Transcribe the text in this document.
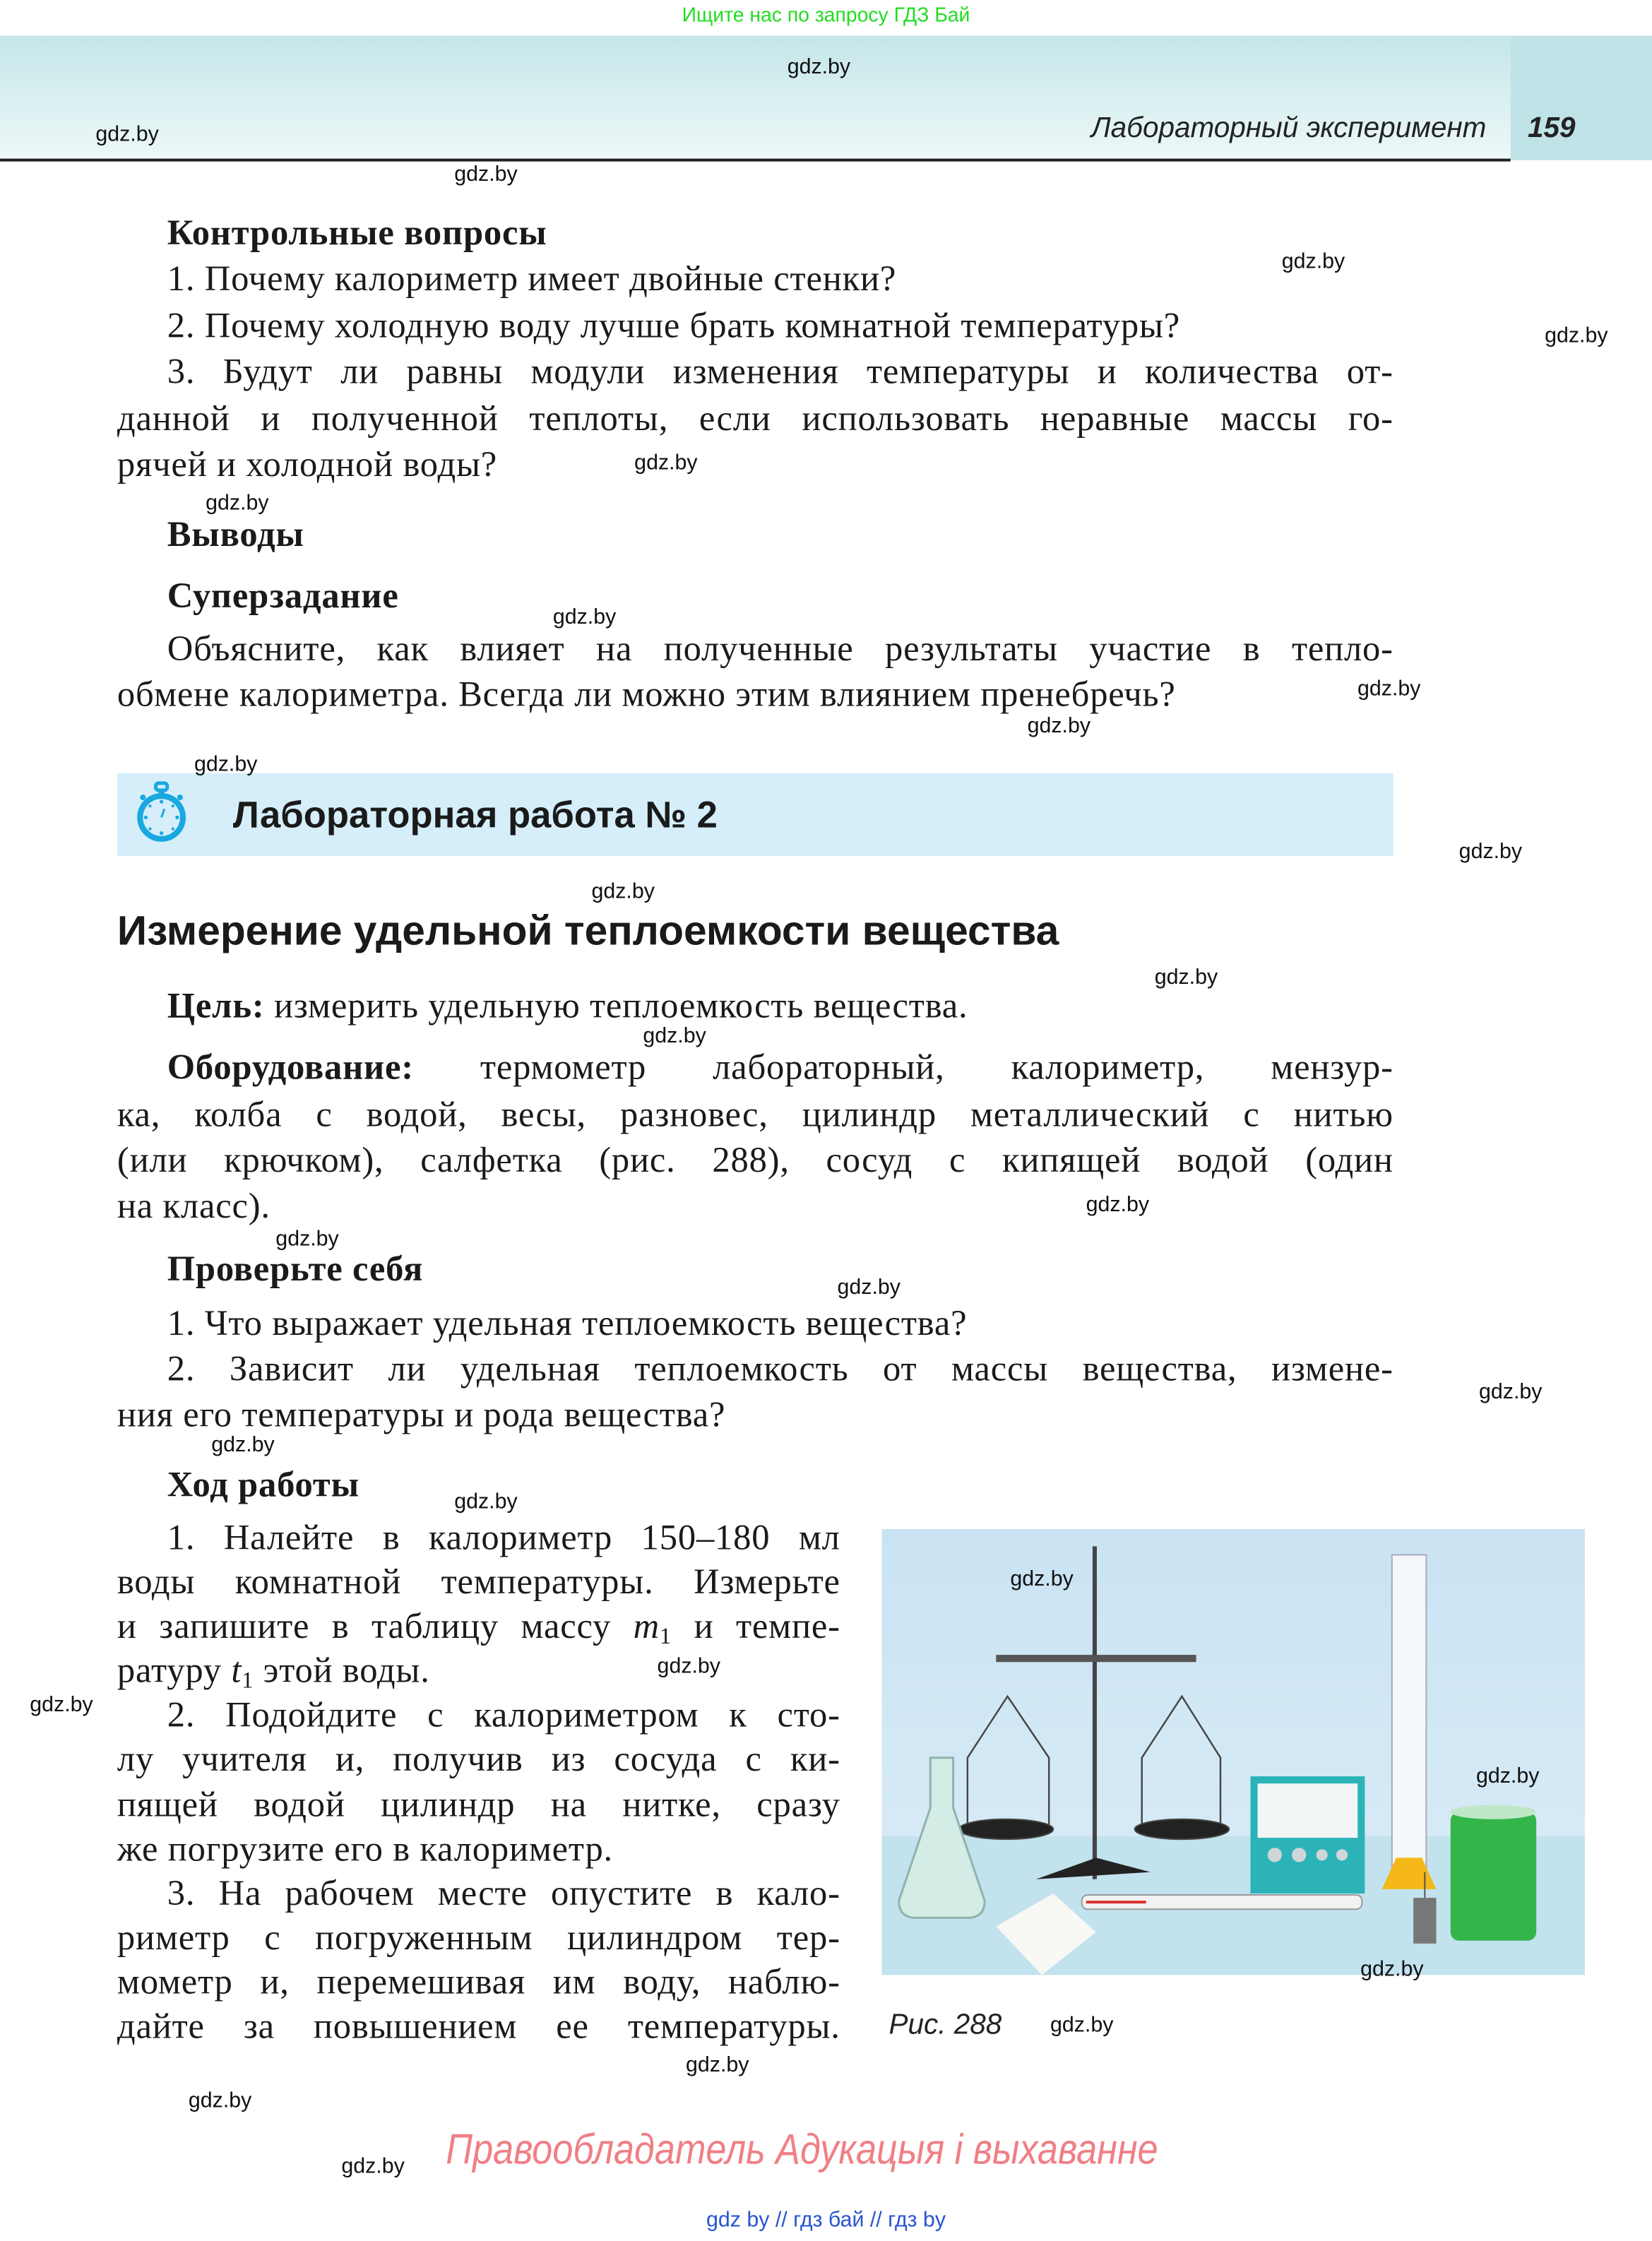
Ищите нас по запросу ГДЗ Бай
Лабораторный эксперимент	159
Лабораторная работа № 2
Измерение удельной теплоемкости вещества
Контрольные вопросы
1. Почему калориметр имеет двойные стенки?
2. Почему холодную воду лучше брать комнатной температуры?
3. Будут ли равны модули изменения температуры и количества от-
данной и полученной теплоты, если использовать неравные массы го-
рячей и холодной воды?
Выводы
Суперзадание
Объясните, как влияет на полученные результаты участие в тепло-
обмене калориметра. Всегда ли можно этим влиянием пренебречь?
Цель: измерить удельную теплоемкость вещества.
Оборудование: термометр лабораторный, калориметр, мензур-
ка, колба с водой, весы, разновес, цилиндр металлический с нитью
(или крючком), салфетка (рис. 288), сосуд с кипящей водой (один
на класс).
Проверьте себя
1. Что выражает удельная теплоемкость вещества?
2. Зависит ли удельная теплоемкость от массы вещества, измене-
ния его температуры и рода вещества?
Ход работы
1. Налейте в калориметр 150–180 мл
воды комнатной температуры. Измерьте
и запишите в таблицу массу $m_1$ и темпе-
ратуру $t_1$ этой воды.
2. Подойдите с калориметром к сто-
лу учителя и, получив из сосуда с ки-
пящей водой цилиндр на нитке, сразу
же погрузите его в калориметр.
3. На рабочем месте опустите в кало-
риметр с погруженным цилиндром тер-
мометр и, перемешивая им воду, наблю-
дайте за повышением ее температуры.	Рис. 288
gdz.by
gdz.by
gdz.by
gdz.by
gdz.by
gdz.by
gdz.by
gdz.by
gdz.by
gdz.by
gdz.by
gdz.by
gdz.by
gdz.by
gdz.by
gdz.by
gdz.by
gdz.by
gdz.by
gdz.by
gdz.by
gdz.by
gdz.by
gdz.by
gdz.by
gdz.by
gdz.by
gdz.by
gdz.by
gdz.by Правообладатель Адукацыя і выхаванне
gdz by // гдз бай // гдз by
